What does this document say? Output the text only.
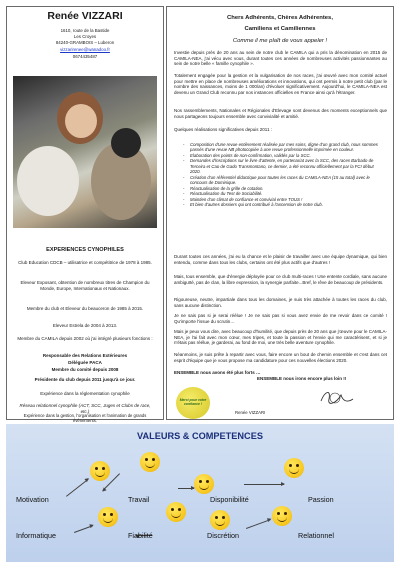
Renée VIZZARI
1610, route de la Bastide
Les Croyes
84240-GRAMBOIS – Luberon
vizzarirenee@wanadoo.fr
0674435487
EXPERIENCES CYNOPHILES
Club Education CDCB – utilisatrice et compétitrice de 1978 à 1985.
Eleveur Exposant, obtention de nombreux titres de Champion du Monde, Europe, Internationaux et Nationaux.
Membre du club et Eleveur du beauceron de 1985 à 2015.
Eleveur Estrela de 2004 à 2013.
Membre du CAMILA depuis 2002 où j'ai intégré plusieurs fonctions :
Responsable des Relations Extérieures
Déléguée PACA
Membre du comité depuis 2008
Présidente du club depuis 2011 jusqu'à ce jour.
Expérience dans la réglementation cynophile
Réseau relationnel cynophile (ACT, SCC, Juges et Clubs de race, etc.)
Expérience dans la gestion, l'organisation et l'animation de grands évènements.
Chers Adhérents, Chères Adhérentes,
Camiliens et Camiliennes
Comme il me plaît de vous appeler !
Investie depuis près de 20 ans au sein de notre club le CAMILA qui a pris la dénomination en 2015 de CAMILA-NEA, j'ai vécu avec vous, durant toutes ces années de nombreuses activités passionnantes au sein de notre belle « famille cynophile ».
Totalement engagée pour la gestion et la vulgarisation de nos races, j'ai œuvré avec mon comité actuel pour mettre en place de nombreuses améliorations et innovations, qui ont permis à notre petit club (par le nombre des naissances, moins de 1 000/an) d'évoluer significativement. Aujourd'hui, le CAMILA-NEA est devenu un Grand Club reconnu par nos instances officielles en France ainsi qu'à l'étranger.
Nos rassemblements, Nationales et Régionales d'Elevage sont devenus des moments exceptionnels que nous partageons toujours ensemble avec convivialité et amitié.
Quelques réalisations significatives depuis 2011 :
- Composition d'une revue entièrement réalisée par mes soins, digne d'un grand club, nous sommes passés d'une revue NB photocopiée à une revue professionnelle imprimée en couleur.
- Elaboration des points de non-confirmation, validés par la SCC.
- Demandes d'inscriptions sur le livre d'attente, en partenariat avec la SCC, des races Barbado de Terceira et Cao de Gado Transmontano, ce dernier, a été reconnu officiellement par la FCI début 2020.
- Création d'un référentiel didactique pour toutes les races du CAMILA-NEA (15 au total) avec le concours de Dominique.
- Réactualisation de la grille de cotation.
- Réactualisation du Test de Sociabilité.
- Maintien d'un climat de confiance et convivial entre TOUS !
- Et bien d'autres dossiers qui ont contribué à l'ascension de notre club.
Durant toutes ces années, j'ai eu la chance et le plaisir de travailler avec une équipe dynamique, qui bien entendu, comme dans tous les clubs, certains ont été plus actifs que d'autres !
Mais, tous ensemble, que d'énergie déployée pour ce club multi-races ! Une entente cordiale, sans aucune ambiguïté, pas de clan, la libre expression, la synergie parfaite...Bref, le rêve de beaucoup de présidents.
Rigoureuse, neutre, impartiale dans tous les domaines, je suis très attachée à toutes les races du club, sans aucune distinction.
Je ne sais pas si je serai réélue ! Je ne sais pas si vous avez envie de me revoir dans ce comité ! Qu'importe l'issue du scrutin…
Mais je peux vous dire, avec beaucoup d'humilité, que depuis près de 20 ans que j'œuvre pour le CAMILA-NEA, je l'ai fait avec mon cœur, mes tripes, et toute la passion et l'envie qui me caractérisent, et si je n'étais pas réélue, je garderai, au fond de moi, une très belle aventure cynophile.
Néanmoins, je suis prête à repartir avec vous, faire encore un bout de chemin ensemble et c'est dans cet esprit d'équipe que je vous propose ma candidature pour ces nouvelles élections 2020.
ENSEMBLE nous avons été plus forts …
ENSEMBLE nous irons encore plus loin !!
Merci pour votre confiance !
Renée VIZZARI
VALEURS & COMPETENCES
Motivation	Travail	Disponibilité	Passion
Informatique	Fiabilité	Discrétion	Relationnel
